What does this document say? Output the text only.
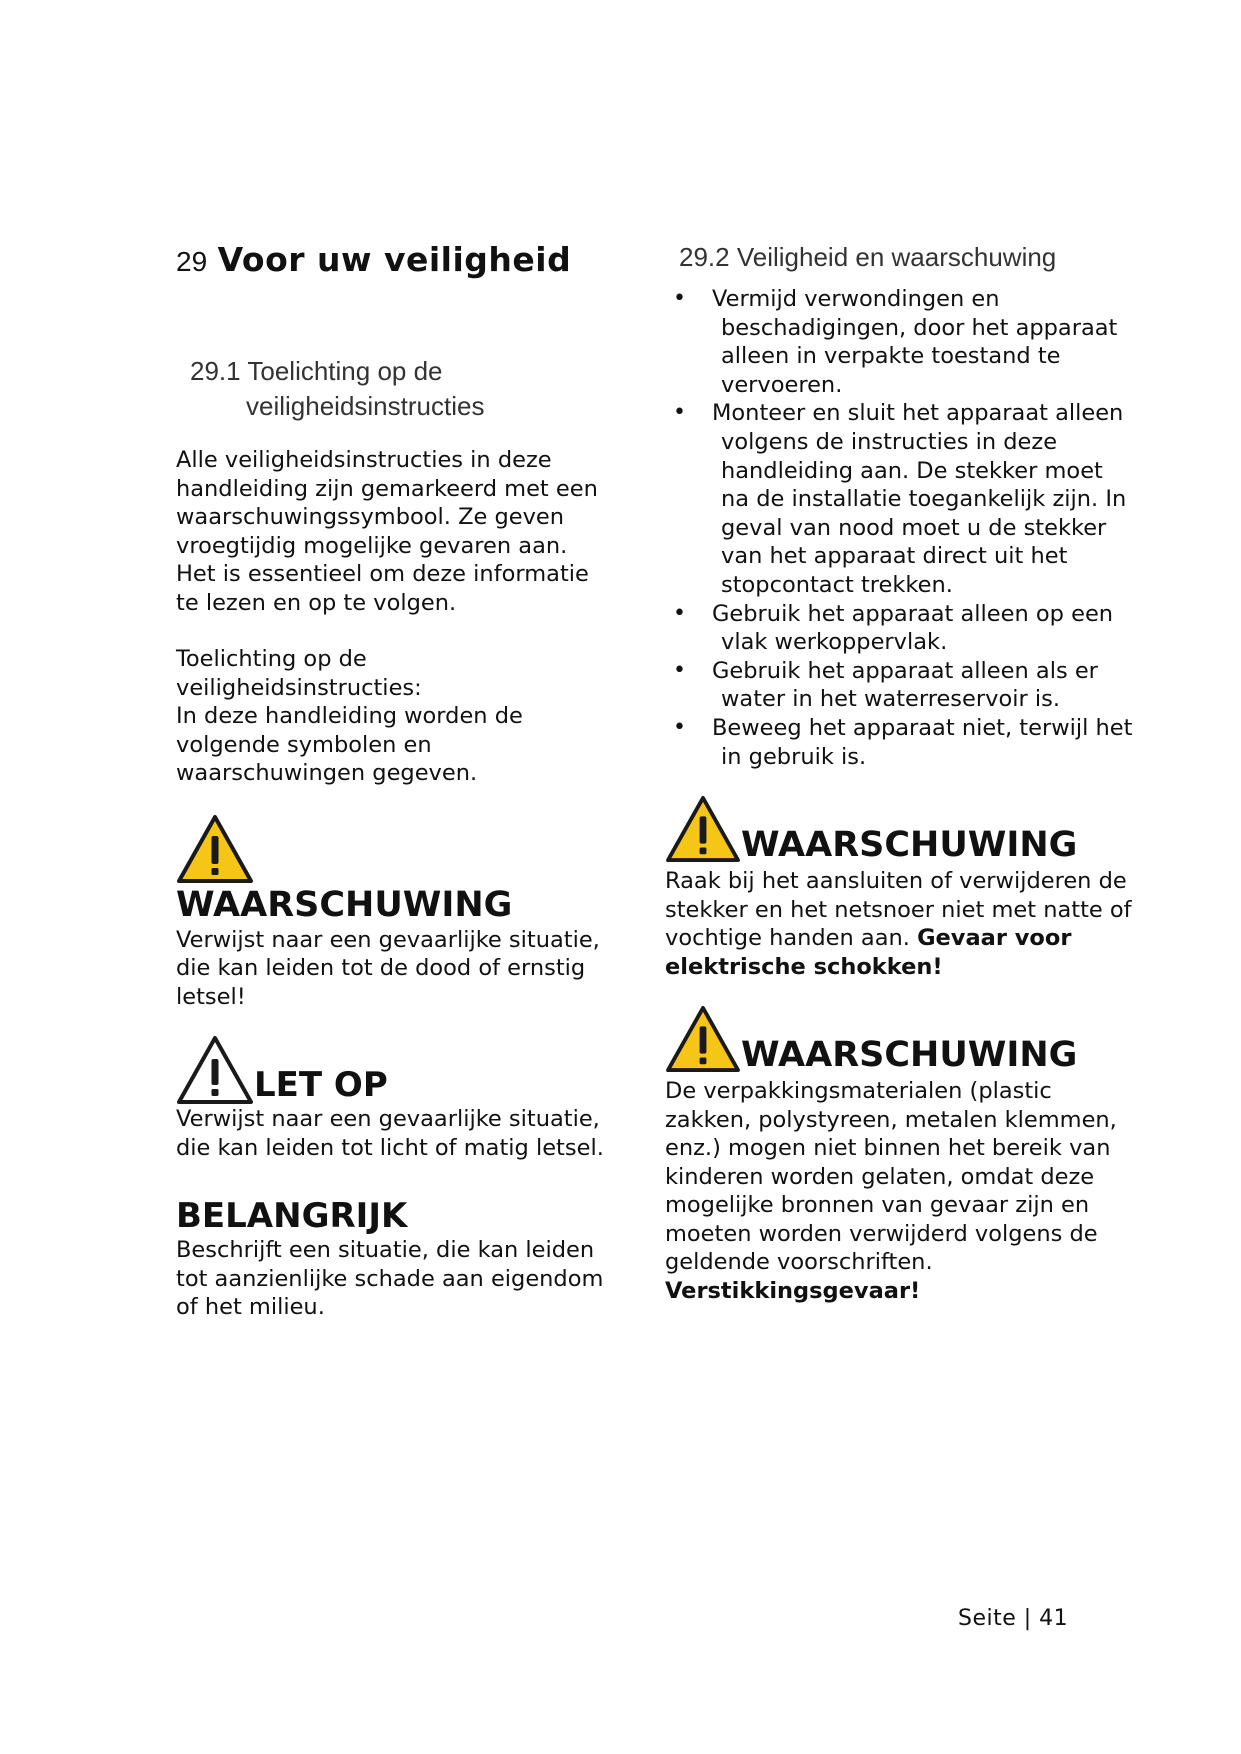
29 Voor uw veiligheid
29.1 Toelichting op de
veiligheidsinstructies

Alle veiligheidsinstructies in deze handleiding zijn gemarkeerd met een waarschuwingssymbool. Ze geven vroegtijdig mogelijke gevaren aan. Het is essentieel om deze informatie te lezen en op te volgen.

Toelichting op de veiligheidsinstructies:

In deze handleiding worden de volgende symbolen en waarschuwingen gegeven.

WAARSCHUWING

Verwijst naar een gevaarlijke situatie, die kan leiden tot de dood of ernstig letsel!

LET OP

Verwijst naar een gevaarlijke situatie, die kan leiden tot licht of matig letsel.

BELANGRIJK

Beschrijft een situatie, die kan leiden tot aanzienlijke schade aan eigendom of het milieu.

29.2 Veiligheid en waarschuwing
• Vermijd verwondingen en beschadigingen, door het apparaat alleen in verpakte toestand te vervoeren.
• Monteer en sluit het apparaat alleen volgens de instructies in deze handleiding aan. De stekker moet na de installatie toegankelijk zijn. In geval van nood moet u de stekker van het apparaat direct uit het stopcontact trekken.
• Gebruik het apparaat alleen op een vlak werkoppervlak.
• Gebruik het apparaat alleen als er water in het waterreservoir is.
• Beweeg het apparaat niet, terwijl het in gebruik is.
WAARSCHUWING

Raak bij het aansluiten of verwijderen de stekker en het netsnoer niet met natte of vochtige handen aan. Gevaar voor elektrische schokken!

WAARSCHUWING

De verpakkingsmaterialen (plastic zakken, polystyreen, metalen klemmen, enz.) mogen niet binnen het bereik van kinderen worden gelaten, omdat deze mogelijke bronnen van gevaar zijn en moeten worden verwijderd volgens de geldende voorschriften.

Verstikkingsgevaar!

Seite | 41
